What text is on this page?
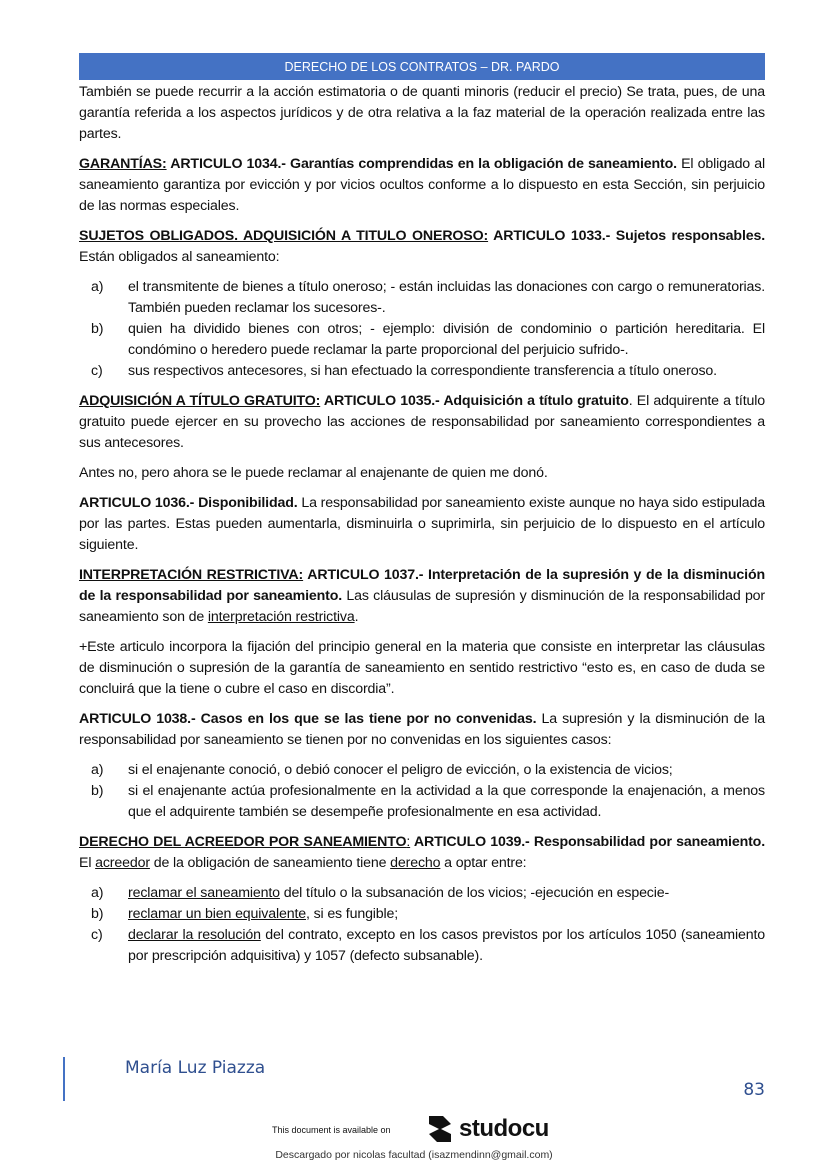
DERECHO DE LOS CONTRATOS – DR. PARDO

También se puede recurrir a la acción estimatoria o de quanti minoris (reducir el precio) Se trata, pues, de una garantía referida a los aspectos jurídicos y de otra relativa a la faz material de la operación realizada entre las partes.

GARANTÍAS: ARTICULO 1034.- Garantías comprendidas en la obligación de saneamiento. El obligado al saneamiento garantiza por evicción y por vicios ocultos conforme a lo dispuesto en esta Sección, sin perjuicio de las normas especiales.

SUJETOS OBLIGADOS. ADQUISICIÓN A TITULO ONEROSO: ARTICULO 1033.- Sujetos responsables. Están obligados al saneamiento:

a) el transmitente de bienes a título oneroso; - están incluidas las donaciones con cargo o remuneratorias. También pueden reclamar los sucesores-.
b) quien ha dividido bienes con otros; - ejemplo: división de condominio o partición hereditaria. El condómino o heredero puede reclamar la parte proporcional del perjuicio sufrido-.
c) sus respectivos antecesores, si han efectuado la correspondiente transferencia a título oneroso.

ADQUISICIÓN A TÍTULO GRATUITO: ARTICULO 1035.- Adquisición a título gratuito. El adquirente a título gratuito puede ejercer en su provecho las acciones de responsabilidad por saneamiento correspondientes a sus antecesores.

Antes no, pero ahora se le puede reclamar al enajenante de quien me donó.

ARTICULO 1036.- Disponibilidad. La responsabilidad por saneamiento existe aunque no haya sido estipulada por las partes. Estas pueden aumentarla, disminuirla o suprimirla, sin perjuicio de lo dispuesto en el artículo siguiente.

INTERPRETACIÓN RESTRICTIVA: ARTICULO 1037.- Interpretación de la supresión y de la disminución de la responsabilidad por saneamiento. Las cláusulas de supresión y disminución de la responsabilidad por saneamiento son de interpretación restrictiva.

+Este articulo incorpora la fijación del principio general en la materia que consiste en interpretar las cláusulas de disminución o supresión de la garantía de saneamiento en sentido restrictivo “esto es, en caso de duda se concluirá que la tiene o cubre el caso en discordia”.

ARTICULO 1038.- Casos en los que se las tiene por no convenidas. La supresión y la disminución de la responsabilidad por saneamiento se tienen por no convenidas en los siguientes casos:

a) si el enajenante conoció, o debió conocer el peligro de evicción, o la existencia de vicios;
b) si el enajenante actúa profesionalmente en la actividad a la que corresponde la enajenación, a menos que el adquirente también se desempeñe profesionalmente en esa actividad.

DERECHO DEL ACREEDOR POR SANEAMIENTO: ARTICULO 1039.- Responsabilidad por saneamiento. El acreedor de la obligación de saneamiento tiene derecho a optar entre:

a) reclamar el saneamiento del título o la subsanación de los vicios; -ejecución en especie-
b) reclamar un bien equivalente, si es fungible;
c) declarar la resolución del contrato, excepto en los casos previstos por los artículos 1050 (saneamiento por prescripción adquisitiva) y 1057 (defecto subsanable).
María Luz Piazza
83
This document is available on	studocu
Descargado por nicolas facultad (isazmendinn@gmail.com)
